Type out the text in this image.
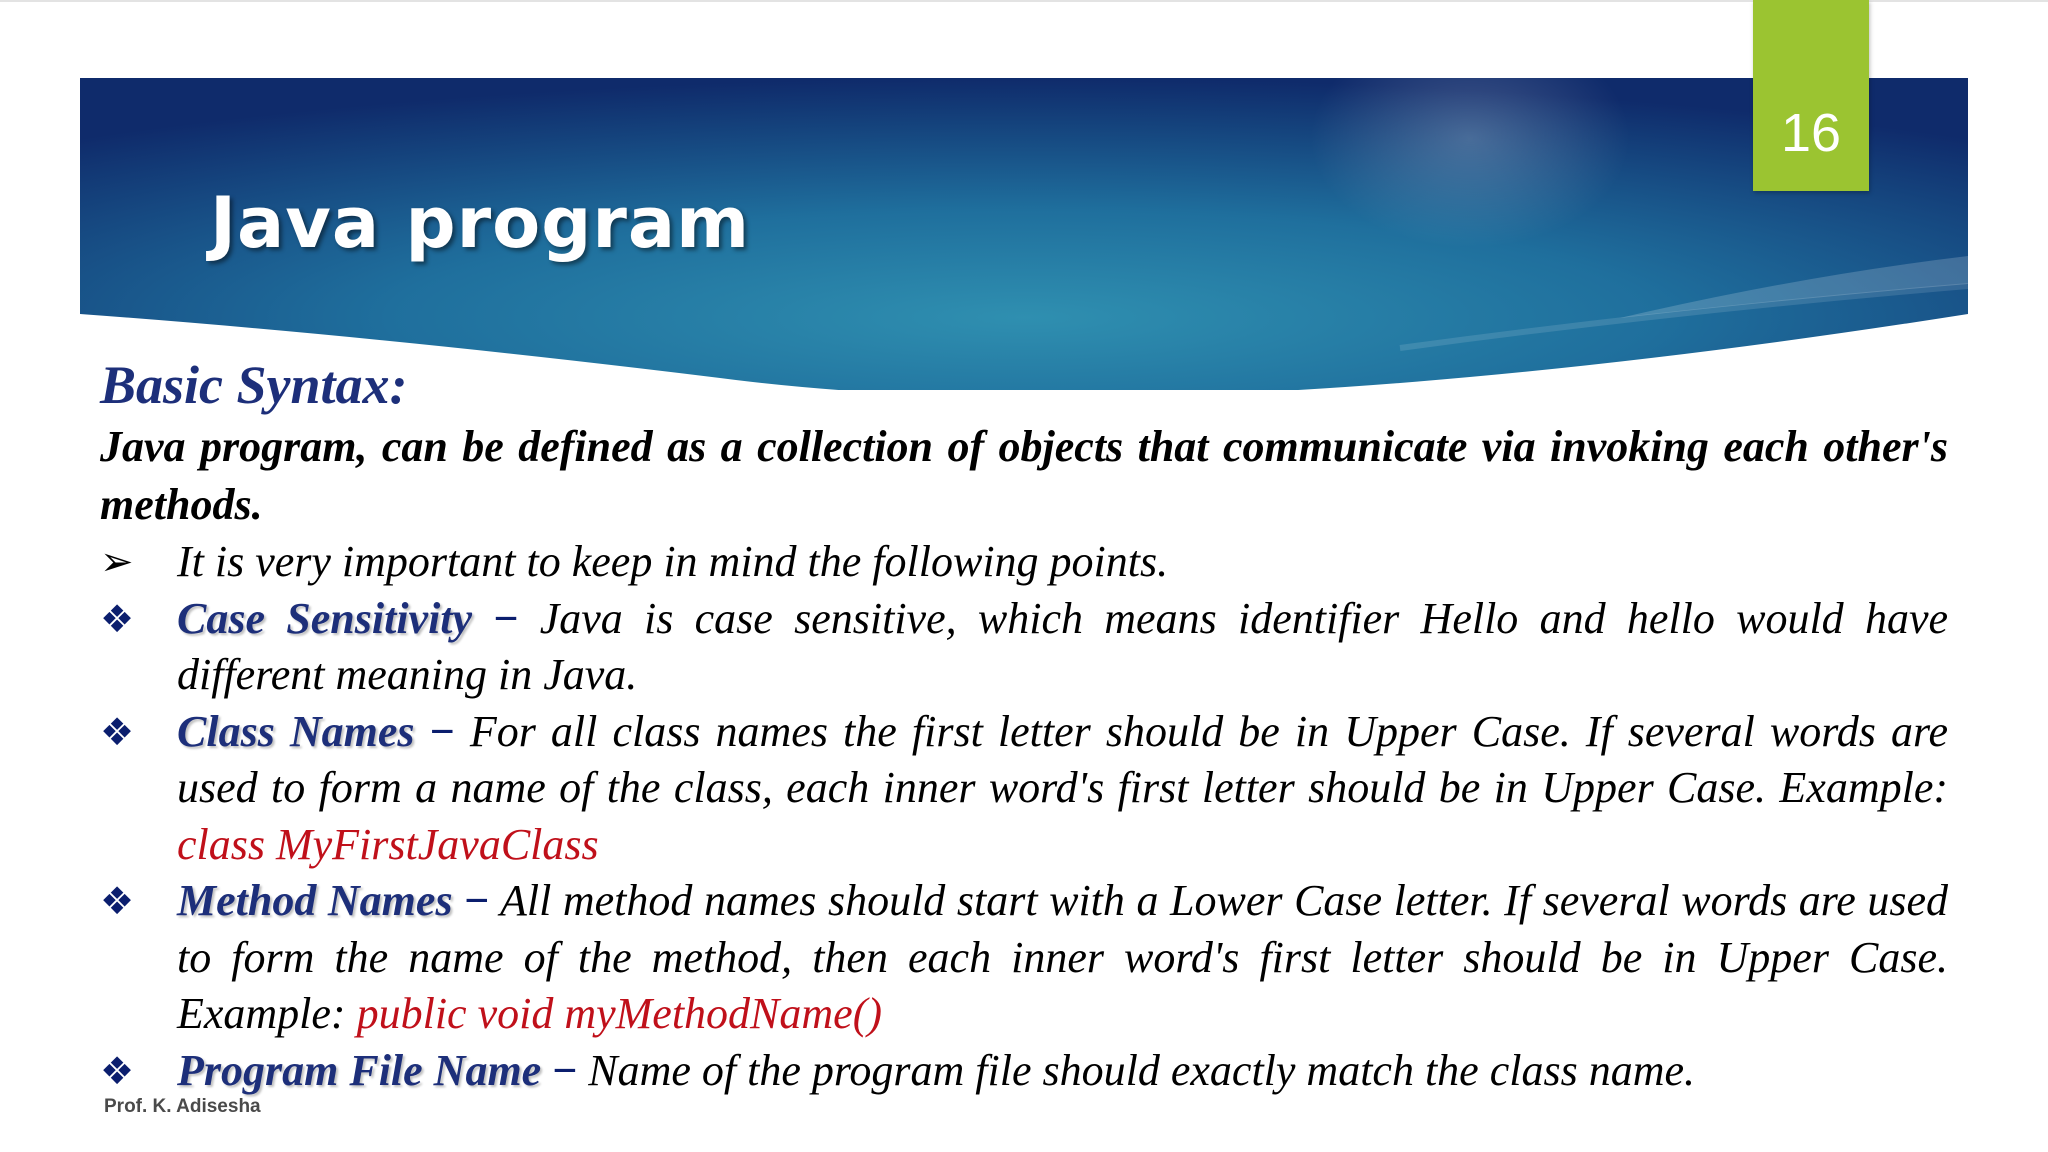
Java program
16
Basic Syntax:
Java program, can be defined as a collection of objects that communicate via invoking each other's methods.
➢ It is very important to keep in mind the following points.
❖ Case Sensitivity − Java is case sensitive, which means identifier Hello and hello would have different meaning in Java.
❖ Class Names − For all class names the first letter should be in Upper Case. If several words are used to form a name of the class, each inner word's first letter should be in Upper Case. Example: class MyFirstJavaClass
❖ Method Names − All method names should start with a Lower Case letter. If several words are used to form the name of the method, then each inner word's first letter should be in Upper Case. Example: public void myMethodName()
❖ Program File Name − Name of the program file should exactly match the class name.
Prof. K. Adisesha
